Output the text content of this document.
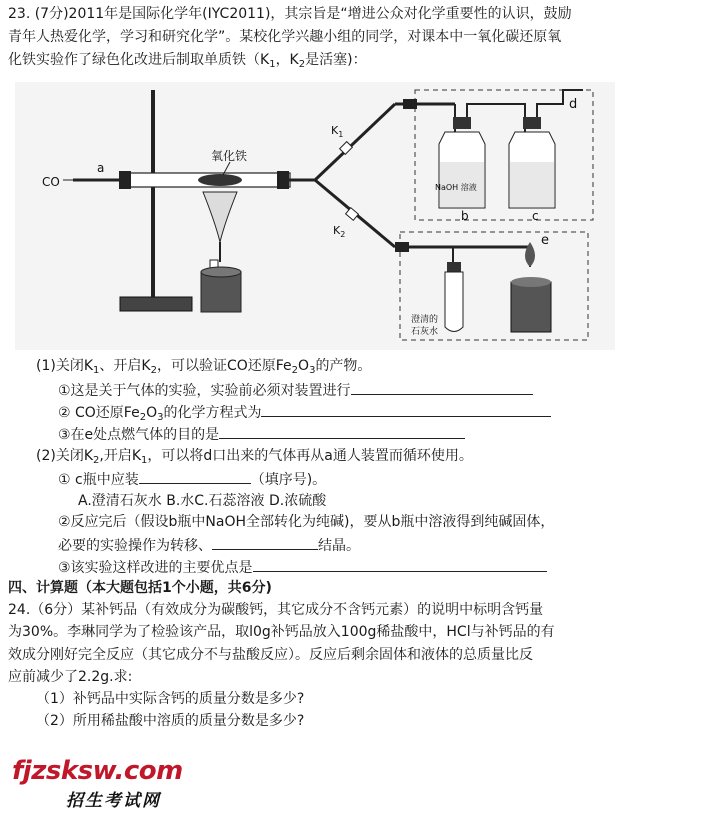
23. (7分)2011年是国际化学年(IYC2011)，其宗旨是“增进公众对化学重要性的认识，鼓励
青年人热爱化学，学习和研究化学”。某校化学兴趣小组的同学，对课本中一氧化碳还原氧
化铁实验作了绿色化改进后制取单质铁（$K_1$，$K_2$是活塞)：
CO
a
氧化铁
$K_1$
$K_2$
NaOH 溶液
b	c
d
e
澄清的
石灰水
(1)关闭$K_1$、开启$K_2$，可以验证CO还原$Fe_2O_3$的产物。
①这是关于气体的实验，实验前必须对装置进行
② CO还原$Fe_2O_3$的化学方程式为
③在e处点燃气体的目的是
(2)关闭$K_2$,开启$K_1$，可以将d口出来的气体再从a通人装置而循环使用。
① c瓶中应装	（填序号)。
A.澄清石灰水 B.水C.石蕊溶液 D.浓硫酸
②反应完后（假设b瓶中NaOH全部转化为纯碱)，要从b瓶中溶液得到纯碱固体，
必要的实验操作为转移、	结晶。
③该实验这样改进的主要优点是
四、计算题（本大题包括1个小题，共6分)
24.（6分）某补钙品（有效成分为碳酸钙，其它成分不含钙元素）的说明中标明含钙量
为30%。李琳同学为了检验该产品，取l0g补钙品放入100g稀盐酸中，HCl与补钙品的有
效成分刚好完全反应（其它成分不与盐酸反应）。反应后剩余固体和液体的总质量比反
应前减少了2.2g.求:
（1）补钙品中实际含钙的质量分数是多少?
（2）所用稀盐酸中溶质的质量分数是多少?
fjzsksw.com
招生考试网
